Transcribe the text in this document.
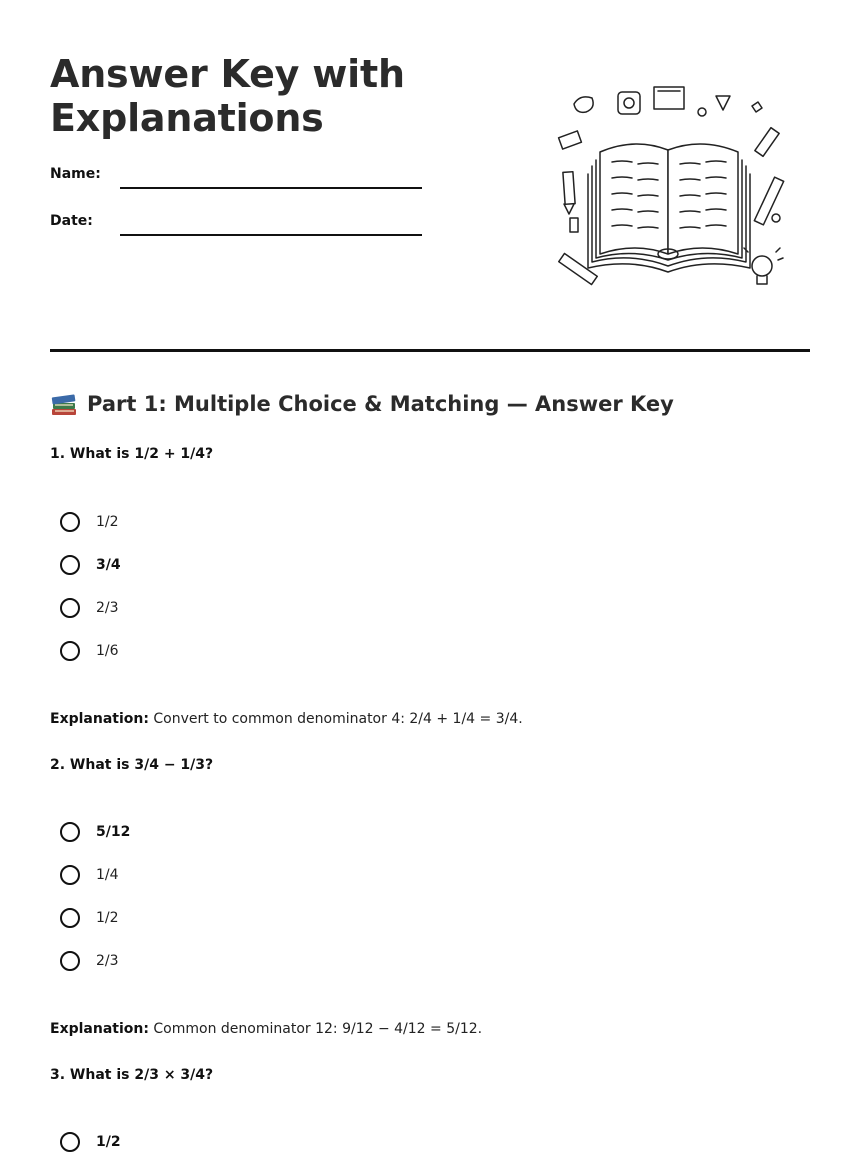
Answer Key with
Explanations
Name:
Date:
Part 1: Multiple Choice & Matching — Answer Key
1. What is 1/2 + 1/4?
1/2
3/4
2/3
1/6
Explanation: Convert to common denominator 4: 2/4 + 1/4 = 3/4.
2. What is 3/4 − 1/3?
5/12
1/4
1/2
2/3
Explanation: Common denominator 12: 9/12 − 4/12 = 5/12.
3. What is 2/3 × 3/4?
1/2
